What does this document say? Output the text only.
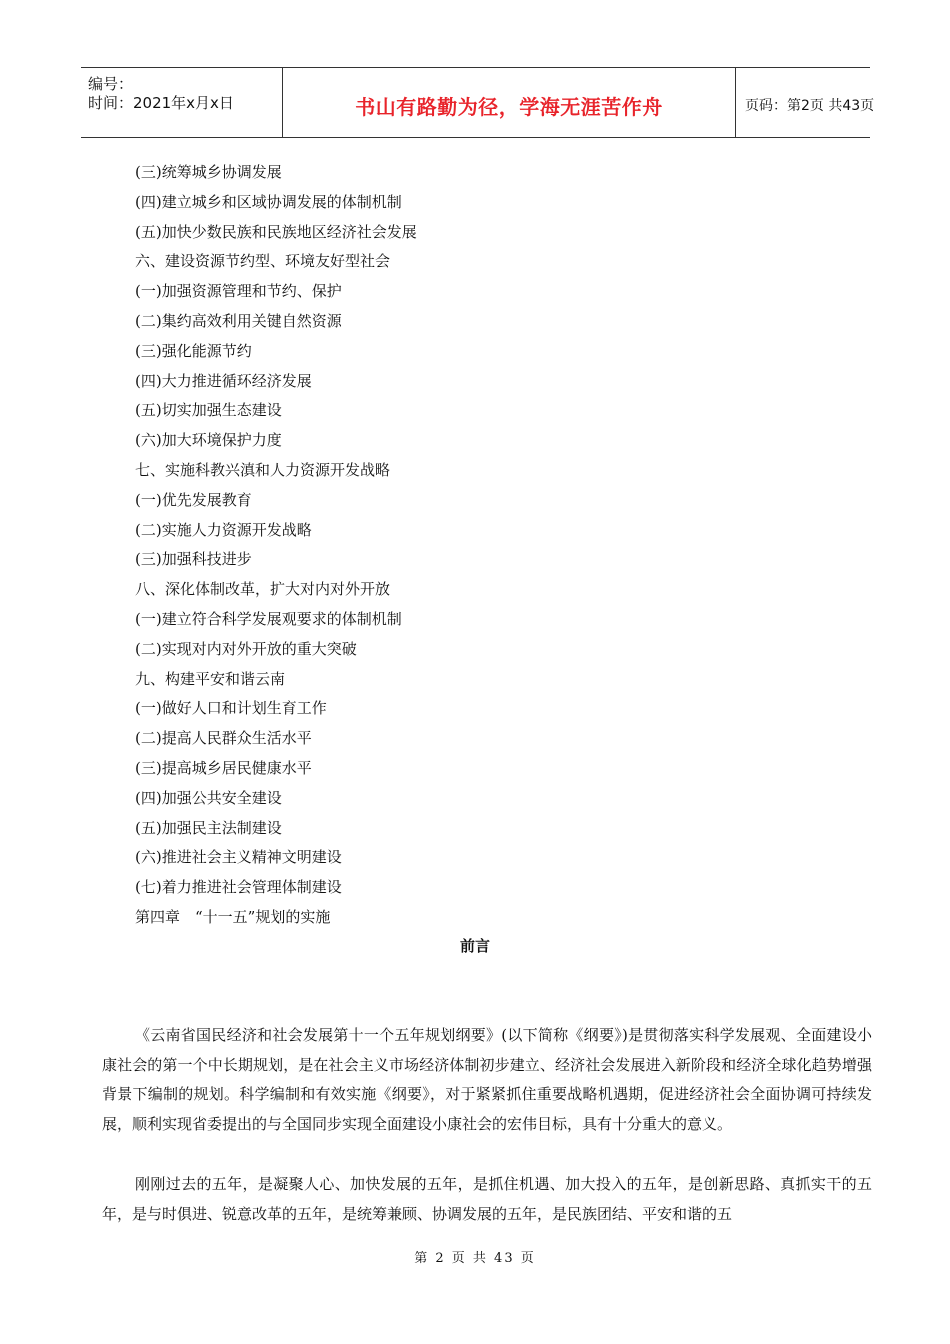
编号：
时间：2021年x月x日	书山有路勤为径，学海无涯苦作舟	页码：第2页 共43页
(三)统筹城乡协调发展
(四)建立城乡和区域协调发展的体制机制
(五)加快少数民族和民族地区经济社会发展
六、建设资源节约型、环境友好型社会
(一)加强资源管理和节约、保护
(二)集约高效利用关键自然资源
(三)强化能源节约
(四)大力推进循环经济发展
(五)切实加强生态建设
(六)加大环境保护力度
七、实施科教兴滇和人力资源开发战略
(一)优先发展教育
(二)实施人力资源开发战略
(三)加强科技进步
八、深化体制改革，扩大对内对外开放
(一)建立符合科学发展观要求的体制机制
(二)实现对内对外开放的重大突破
九、构建平安和谐云南
(一)做好人口和计划生育工作
(二)提高人民群众生活水平
(三)提高城乡居民健康水平
(四)加强公共安全建设
(五)加强民主法制建设
(六)推进社会主义精神文明建设
(七)着力推进社会管理体制建设
第四章　“十一五”规划的实施
前言
《云南省国民经济和社会发展第十一个五年规划纲要》(以下简称《纲要》)是贯彻落实科学发展观、全面建设小康社会的第一个中长期规划，是在社会主义市场经济体制初步建立、经济社会发展进入新阶段和经济全球化趋势增强背景下编制的规划。科学编制和有效实施《纲要》，对于紧紧抓住重要战略机遇期，促进经济社会全面协调可持续发展，顺利实现省委提出的与全国同步实现全面建设小康社会的宏伟目标，具有十分重大的意义。
刚刚过去的五年，是凝聚人心、加快发展的五年，是抓住机遇、加大投入的五年，是创新思路、真抓实干的五年，是与时俱进、锐意改革的五年，是统筹兼顾、协调发展的五年，是民族团结、平安和谐的五
第 2 页 共 43 页
